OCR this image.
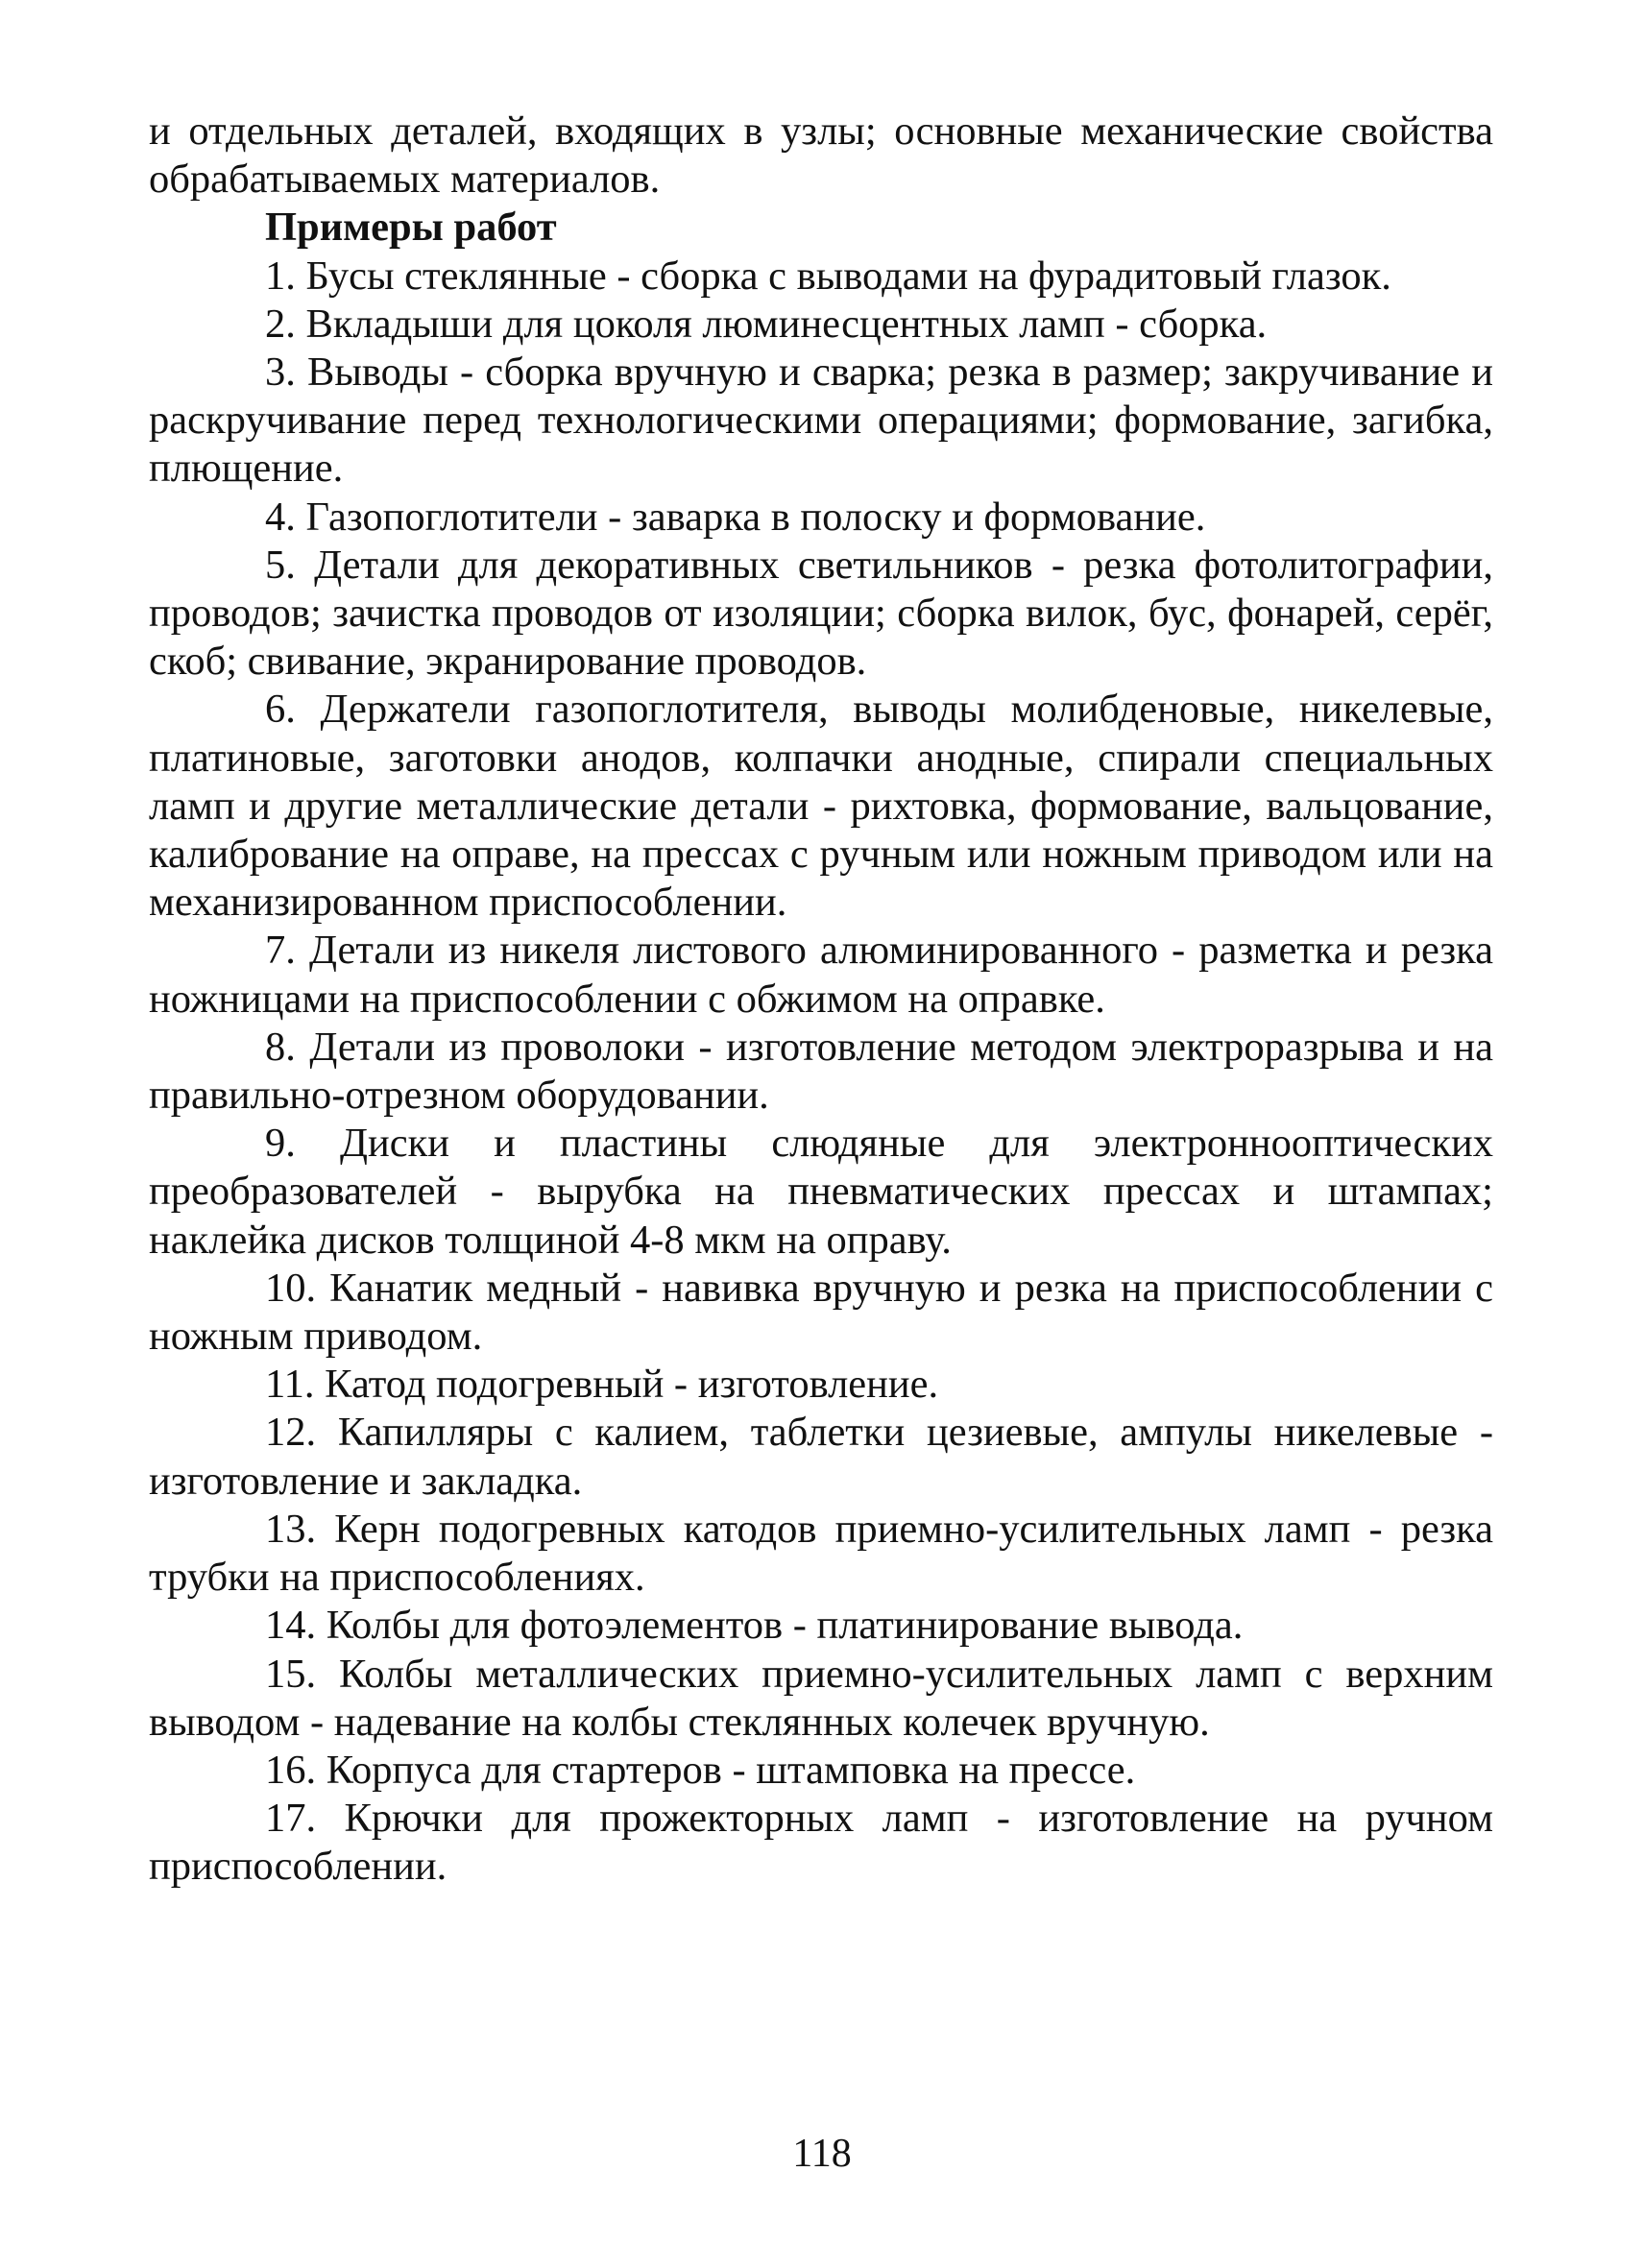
и отдельных деталей, входящих в узлы; основные механические свойства обрабатываемых материалов.

Примеры работ

1. Бусы стеклянные - сборка с выводами на фурадитовый глазок.

2. Вкладыши для цоколя люминесцентных ламп - сборка.

3. Выводы - сборка вручную и сварка; резка в размер; закручивание и раскручивание перед технологическими операциями; формование, загибка, плющение.

4. Газопоглотители - заварка в полоску и формование.

5. Детали для декоративных светильников - резка фотолитографии, проводов; зачистка проводов от изоляции; сборка вилок, бус, фонарей, серёг, скоб; свивание, экранирование проводов.

6. Держатели газопоглотителя, выводы молибденовые, никелевые, платиновые, заготовки анодов, колпачки анодные, спирали специальных ламп и другие металлические детали - рихтовка, формование, вальцование, калибрование на оправе, на прессах с ручным или ножным приводом или на механизированном приспособлении.

7. Детали из никеля листового алюминированного - разметка и резка ножницами на приспособлении с обжимом на оправке.

8. Детали из проволоки - изготовление методом электроразрыва и на правильно-отрезном оборудовании.

9. Диски и пластины слюдяные для электроннооптических преобразователей - вырубка на пневматических прессах и штампах; наклейка дисков толщиной 4-8 мкм на оправу.

10. Канатик медный - навивка вручную и резка на приспособлении с ножным приводом.

11. Катод подогревный - изготовление.

12. Капилляры с калием, таблетки цезиевые, ампулы никелевые - изготовление и закладка.

13. Керн подогревных катодов приемно-усилительных ламп - резка трубки на приспособлениях.

14. Колбы для фотоэлементов - платинирование вывода.

15. Колбы металлических приемно-усилительных ламп с верхним выводом - надевание на колбы стеклянных колечек вручную.

16. Корпуса для стартеров - штамповка на прессе.

17. Крючки для прожекторных ламп - изготовление на ручном приспособлении.

118
